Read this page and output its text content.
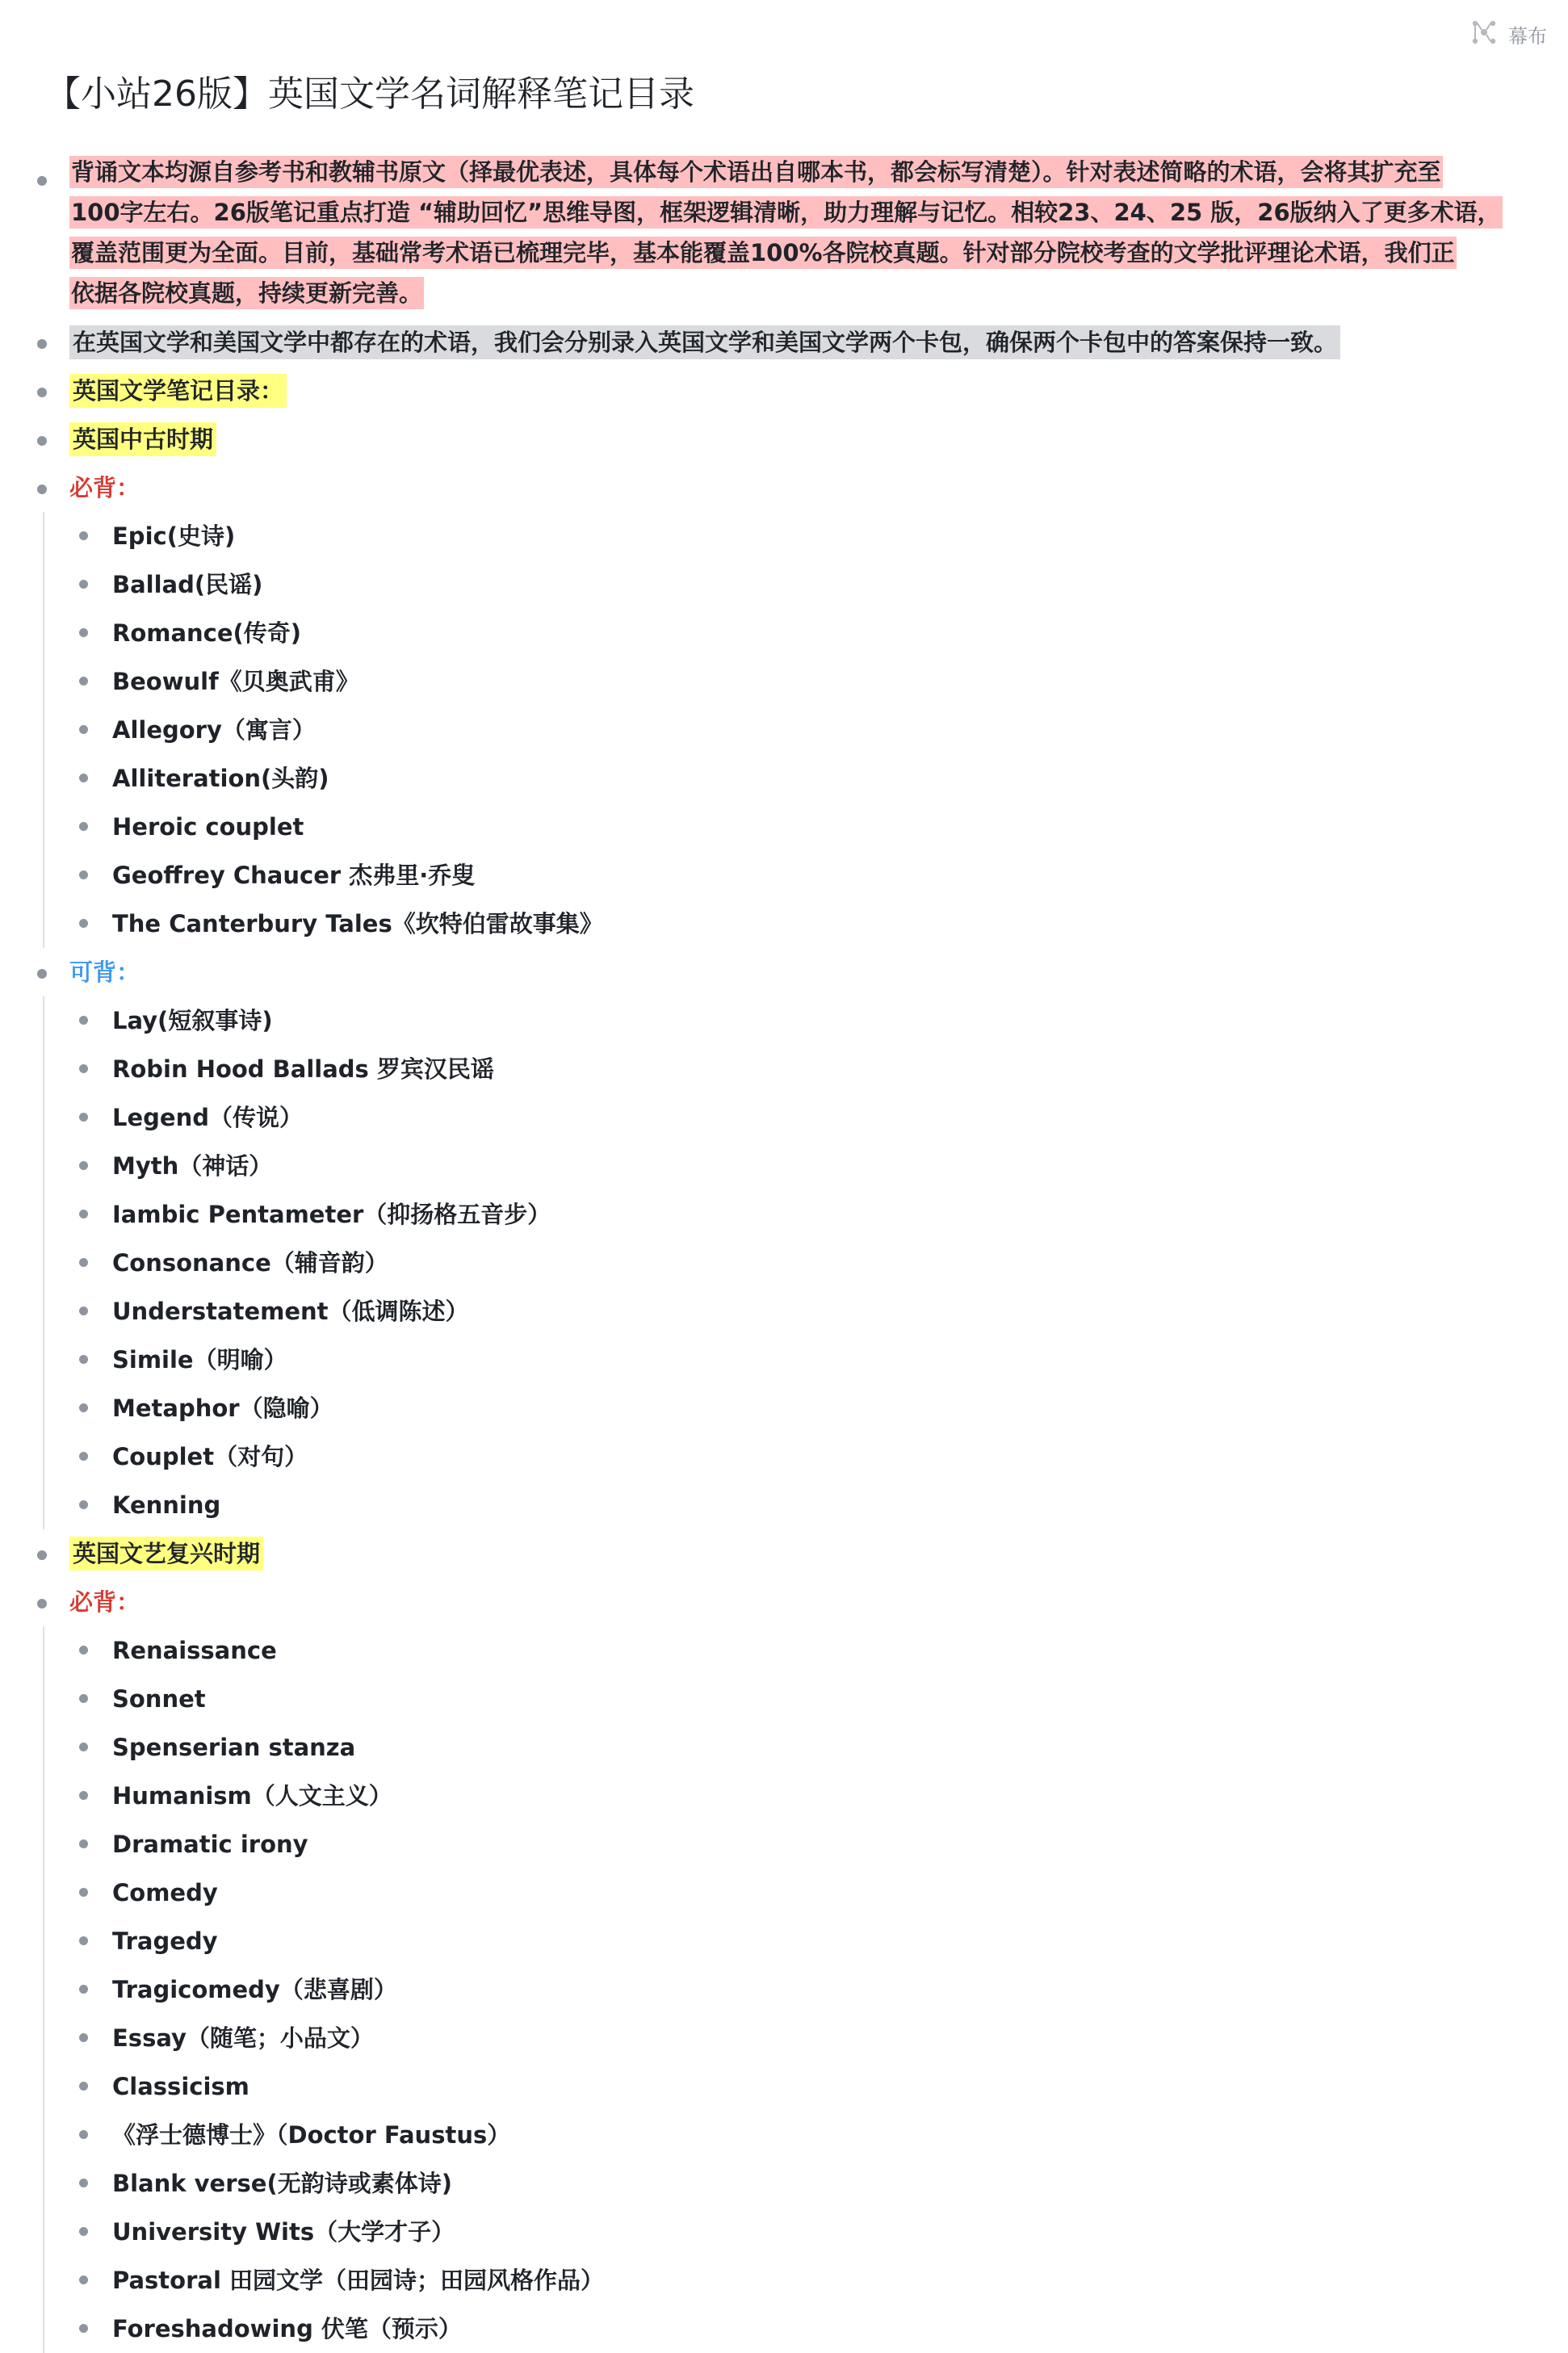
幕布
【小站26版】英国文学名词解释笔记目录
背诵文本均源自参考书和教辅书原文（择最优表述，具体每个术语出自哪本书，都会标写清楚）。针对表述简略的术语，会将其扩充至
100字左右。26版笔记重点打造 “辅助回忆”思维导图，框架逻辑清晰，助力理解与记忆。相较23、24、25 版，26版纳入了更多术语，
覆盖范围更为全面。目前，基础常考术语已梳理完毕，基本能覆盖100%各院校真题。针对部分院校考查的文学批评理论术语，我们正
依据各院校真题，持续更新完善。
在英国文学和美国文学中都存在的术语，我们会分别录入英国文学和美国文学两个卡包，确保两个卡包中的答案保持一致。
英国文学笔记目录：
英国中古时期
必背：
Epic(史诗)
Ballad(民谣)
Romance(传奇)
Beowulf《贝奥武甫》
Allegory（寓言）
Alliteration(头韵)
Heroic couplet
Geoffrey Chaucer 杰弗里·乔叟
The Canterbury Tales《坎特伯雷故事集》
可背：
Lay(短叙事诗)
Robin Hood Ballads 罗宾汉民谣
Legend（传说）
Myth（神话）
Iambic Pentameter（抑扬格五音步）
Consonance（辅音韵）
Understatement（低调陈述）
Simile（明喻）
Metaphor（隐喻）
Couplet（对句）
Kenning
英国文艺复兴时期
必背：
Renaissance
Sonnet
Spenserian stanza
Humanism（人文主义）
Dramatic irony
Comedy
Tragedy
Tragicomedy（悲喜剧）
Essay（随笔；小品文）
Classicism
《浮士德博士》（Doctor Faustus）
Blank verse(无韵诗或素体诗)
University Wits（大学才子）
Pastoral 田园文学（田园诗；田园风格作品）
Foreshadowing 伏笔（预示）
